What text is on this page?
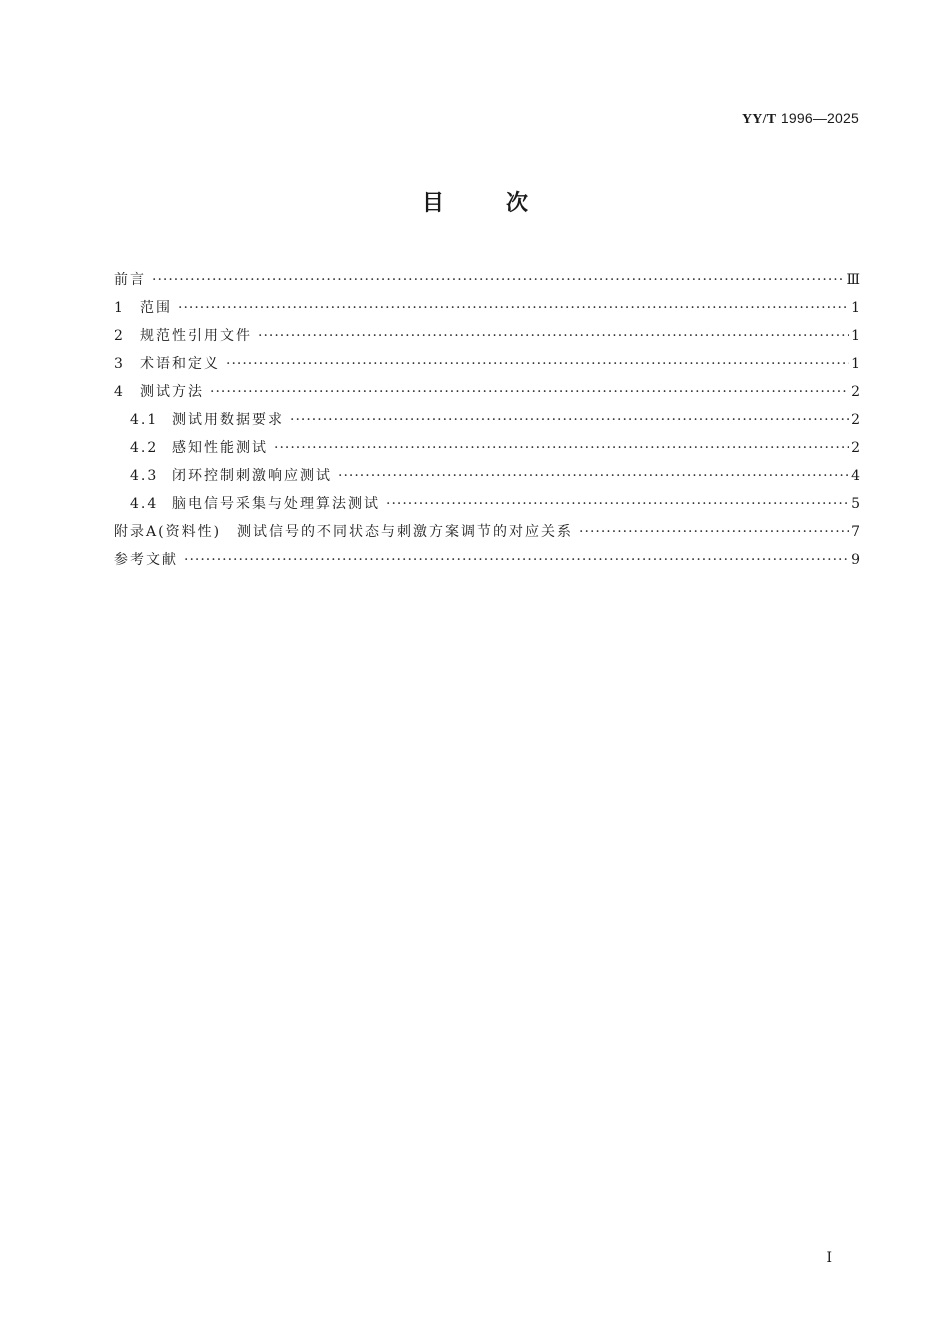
YY/T 1996—2025
目次
前言 ·····	Ⅲ
1	范围 ·····	1
2	规范性引用文件 ·····	1
3	术语和定义 ·····	1
4	测试方法 ·····	2
4.1 测试用数据要求 ·····	2
4.2 感知性能测试 ·····	2
4.3 闭环控制刺激响应测试 ·····	4
4.4 脑电信号采集与处理算法测试 ·····	5
附录A(资料性)　测试信号的不同状态与刺激方案调节的对应关系 ·····	7
参考文献 ·····	9
I
